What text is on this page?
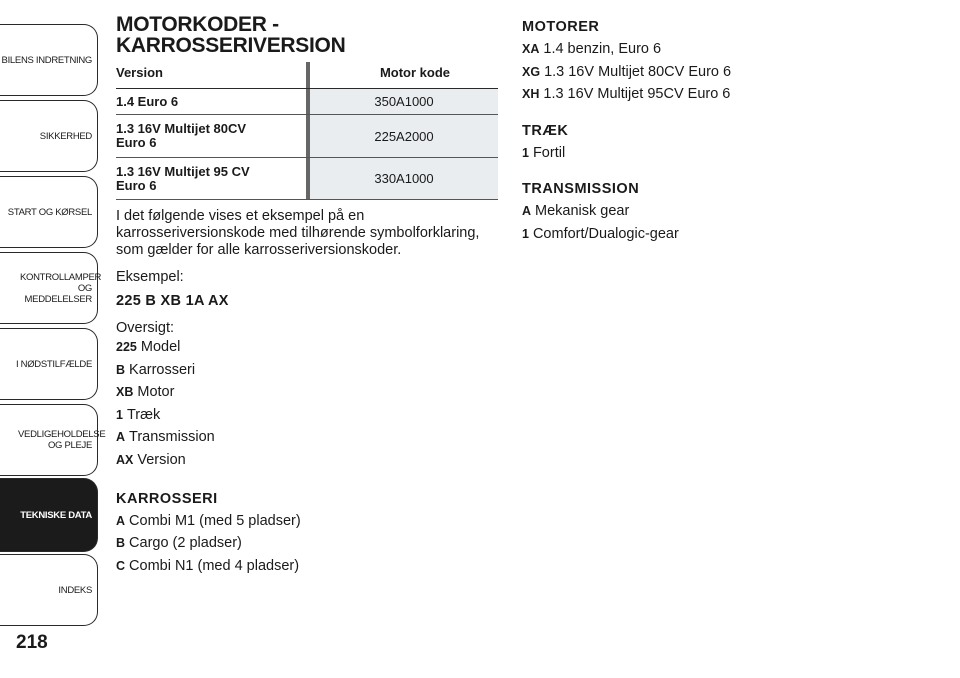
BILENS INDRETNING
SIKKERHED
START OG KØRSEL
KONTROLLAMPER OG MEDDELELSER
I NØDSTILFÆLDE
VEDLIGEHOLDELSE OG PLEJE
TEKNISKE DATA
INDEKS
218
MOTORKODER -
KARROSSERIVERSION
Version		Motor kode
1.4 Euro 6		350A1000

1.3 16V Multijet 80CV
Euro 6		225A2000

1.3 16V Multijet 95 CV
Euro 6		330A1000

I det følgende vises et eksempel på en karrosseriversionskode med tilhørende symbolforklaring, som gælder for alle karrosseriversionskoder.

Eksempel:
225 B XB 1A AX
Oversigt:
225 Model
B Karrosseri
XB Motor
1 Træk
A Transmission
AX Version
KARROSSERI
A Combi M1 (med 5 pladser)
B Cargo (2 pladser)
C Combi N1 (med 4 pladser)
MOTORER
XA 1.4 benzin, Euro 6
XG 1.3 16V Multijet 80CV Euro 6
XH 1.3 16V Multijet 95CV Euro 6
TRÆK
1 Fortil
TRANSMISSION
A Mekanisk gear
1 Comfort/Dualogic-gear
